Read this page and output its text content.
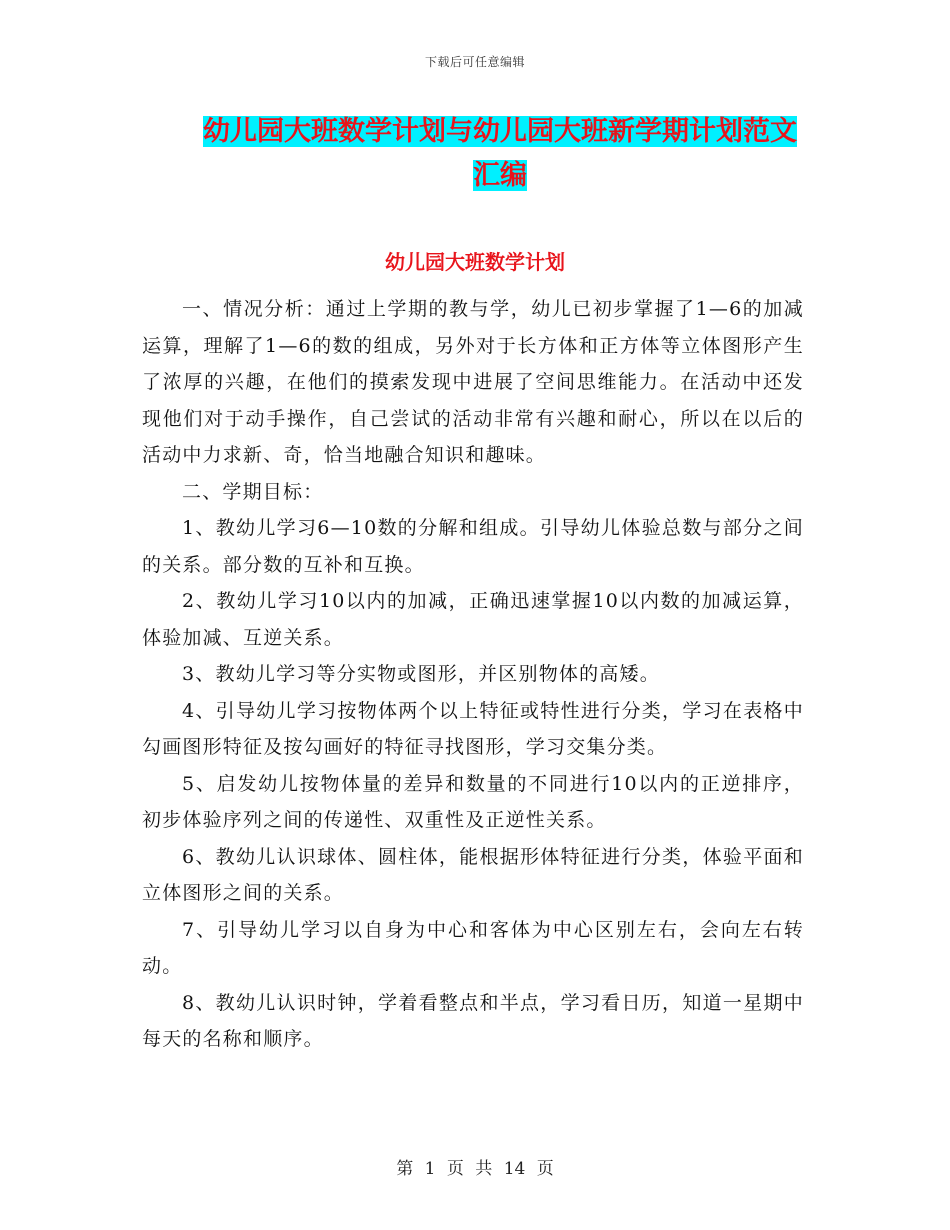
下载后可任意编辑
幼儿园大班数学计划与幼儿园大班新学期计划范文汇编
幼儿园大班数学计划

一、情况分析：通过上学期的教与学，幼儿已初步掌握了1—6的加减运算，理解了1—6的数的组成，另外对于长方体和正方体等立体图形产生了浓厚的兴趣，在他们的摸索发现中进展了空间思维能力。在活动中还发现他们对于动手操作，自己尝试的活动非常有兴趣和耐心，所以在以后的活动中力求新、奇，恰当地融合知识和趣味。

二、学期目标：

1、教幼儿学习6—10数的分解和组成。引导幼儿体验总数与部分之间的关系。部分数的互补和互换。

2、教幼儿学习10以内的加减，正确迅速掌握10以内数的加减运算，体验加减、互逆关系。

3、教幼儿学习等分实物或图形，并区别物体的高矮。

4、引导幼儿学习按物体两个以上特征或特性进行分类，学习在表格中勾画图形特征及按勾画好的特征寻找图形，学习交集分类。

5、启发幼儿按物体量的差异和数量的不同进行10以内的正逆排序，初步体验序列之间的传递性、双重性及正逆性关系。

6、教幼儿认识球体、圆柱体，能根据形体特征进行分类，体验平面和立体图形之间的关系。

7、引导幼儿学习以自身为中心和客体为中心区别左右，会向左右转动。

8、教幼儿认识时钟，学着看整点和半点，学习看日历，知道一星期中每天的名称和顺序。

第 1 页 共 14 页
